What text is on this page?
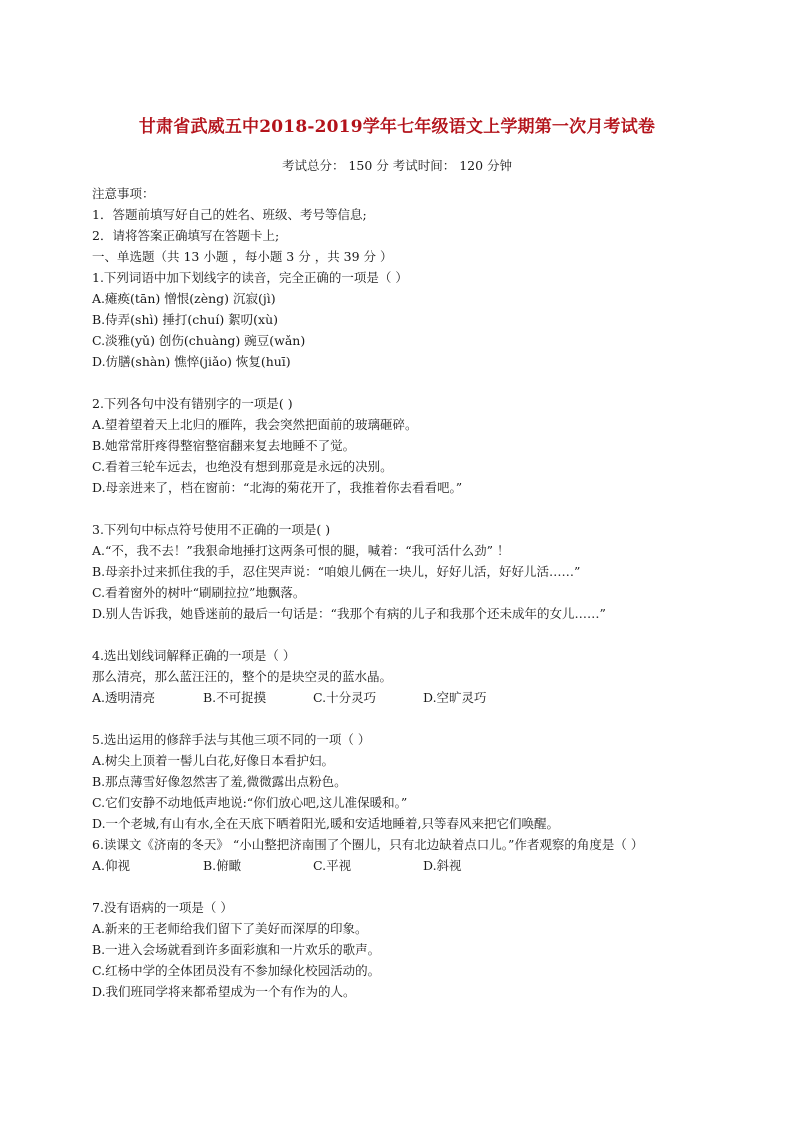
甘肃省武威五中2018-2019学年七年级语文上学期第一次月考试卷
考试总分： 150 分 考试时间： 120 分钟
注意事项：
1．答题前填写好自己的姓名、班级、考号等信息;
2．请将答案正确填写在答题卡上;
一、单选题（共 13 小题 ，每小题 3 分 ，共 39 分 ）
1.下列词语中加下划线字的读音，完全正确的一项是（ ）
A.瘫痪(tān) 憎恨(zèng) 沉寂(jì)
B.侍弄(shì) 捶打(chuí) 絮叨(xù)
C.淡雅(yǔ) 创伤(chuàng) 豌豆(wǎn)
D.仿膳(shàn) 憔悴(jiǎo) 恢复(huī)
2.下列各句中没有错别字的一项是( )
A.望着望着天上北归的雁阵，我会突然把面前的玻璃砸碎。
B.她常常肝疼得整宿整宿翻来复去地睡不了觉。
C.看着三轮车远去，也绝没有想到那竟是永远的决别。
D.母亲进来了，档在窗前：“北海的菊花开了，我推着你去看看吧。”
3.下列句中标点符号使用不正确的一项是( )
A.“不，我不去！”我狠命地捶打这两条可恨的腿，喊着：“我可活什么劲” ！
B.母亲扑过来抓住我的手，忍住哭声说：“咱娘儿俩在一块儿，好好儿活，好好儿活……”
C.看着窗外的树叶“刷刷拉拉”地飘落。
D.别人告诉我，她昏迷前的最后一句话是：“我那个有病的儿子和我那个还未成年的女儿……”
4.选出划线词解释正确的一项是（ ）
那么清亮，那么蓝汪汪的，整个的是块空灵的蓝水晶。
A.透明清亮	B.不可捉摸	C.十分灵巧	D.空旷灵巧
5.选出运用的修辞手法与其他三项不同的一项（ ）
A.树尖上顶着一髻儿白花,好像日本看护妇。
B.那点薄雪好像忽然害了羞,微微露出点粉色。
C.它们安静不动地低声地说:“你们放心吧,这儿准保暖和。”
D.一个老城,有山有水,全在天底下晒着阳光,暖和安适地睡着,只等春风来把它们唤醒。
6.读课文《济南的冬天》 “小山整把济南围了个圈儿，只有北边缺着点口儿。”作者观察的角度是（ ）
A.仰视	B.俯瞰	C.平视	D.斜视
7.没有语病的一项是（ ）
A.新来的王老师给我们留下了美好而深厚的印象。
B.一进入会场就看到许多面彩旗和一片欢乐的歌声。
C.红杨中学的全体团员没有不参加绿化校园活动的。
D.我们班同学将来都希望成为一个有作为的人。
